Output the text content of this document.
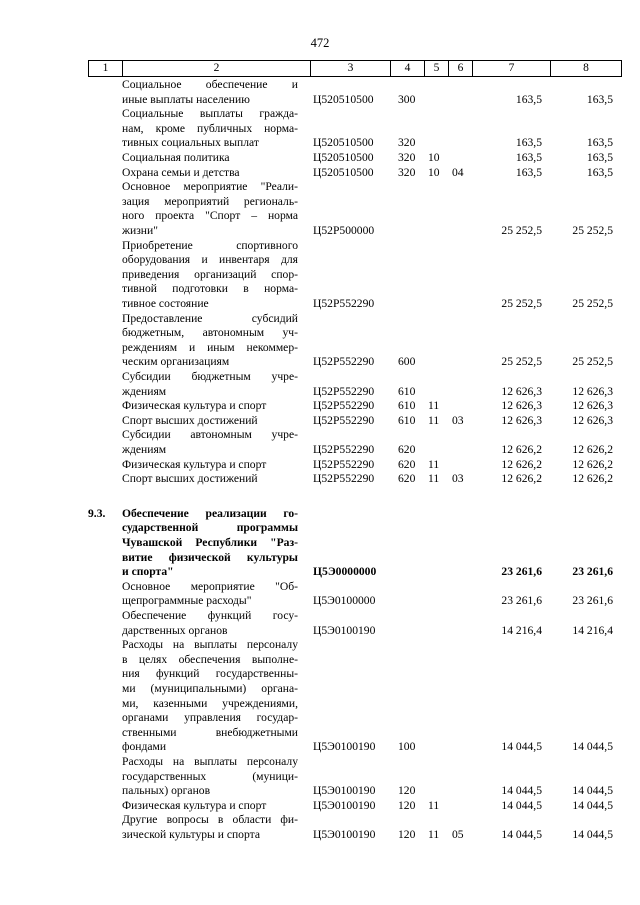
472
1	2	3	4	5	6	7	8
Социальное обеспечение и
иные выплаты населению	Ц520510500 300	163,5	163,5
Социальные выплаты гражда-
нам, кроме публичных норма-
тивных социальных выплат	Ц520510500 320	163,5	163,5
Социальная политика	Ц520510500 320 10	163,5	163,5
Охрана семьи и детства	Ц520510500 320 10 04	163,5	163,5
Основное мероприятие "Реали-
зация мероприятий региональ-
ного проекта "Спорт – норма
жизни"	Ц52P500000	25 252,5	25 252,5
Приобретение спортивного
оборудования и инвентаря для
приведения организаций спор-
тивной подготовки в норма-
тивное состояние	Ц52P552290	25 252,5	25 252,5
Предоставление субсидий
бюджетным, автономным уч-
реждениям и иным некоммер-
ческим организациям	Ц52P552290 600	25 252,5	25 252,5
Субсидии бюджетным учре-
ждениям	Ц52P552290 610	12 626,3	12 626,3
Физическая культура и спорт	Ц52P552290 610 11	12 626,3	12 626,3
Спорт высших достижений	Ц52P552290 610 11 03	12 626,3	12 626,3
Субсидии автономным учре-
ждениям	Ц52P552290 620	12 626,2	12 626,2
Физическая культура и спорт	Ц52P552290 620 11	12 626,2	12 626,2
Спорт высших достижений	Ц52P552290 620 11 03	12 626,2	12 626,2
9.3.	Обеспечение реализации го-
сударственной программы
Чувашской Республики "Раз-
витие физической культуры
и спорта"	Ц5Э0000000	23 261,6	23 261,6
Основное мероприятие "Об-
щепрограммные расходы"	Ц5Э0100000	23 261,6	23 261,6
Обеспечение функций госу-
дарственных органов	Ц5Э0100190	14 216,4	14 216,4
Расходы на выплаты персоналу
в целях обеспечения выполне-
ния функций государственны-
ми (муниципальными) органа-
ми, казенными учреждениями,
органами управления государ-
ственными внебюджетными
фондами	Ц5Э0100190 100	14 044,5	14 044,5
Расходы на выплаты персоналу
государственных (муници-
пальных) органов	Ц5Э0100190 120	14 044,5	14 044,5
Физическая культура и спорт	Ц5Э0100190 120 11	14 044,5	14 044,5
Другие вопросы в области фи-
зической культуры и спорта	Ц5Э0100190 120 11 05	14 044,5	14 044,5
